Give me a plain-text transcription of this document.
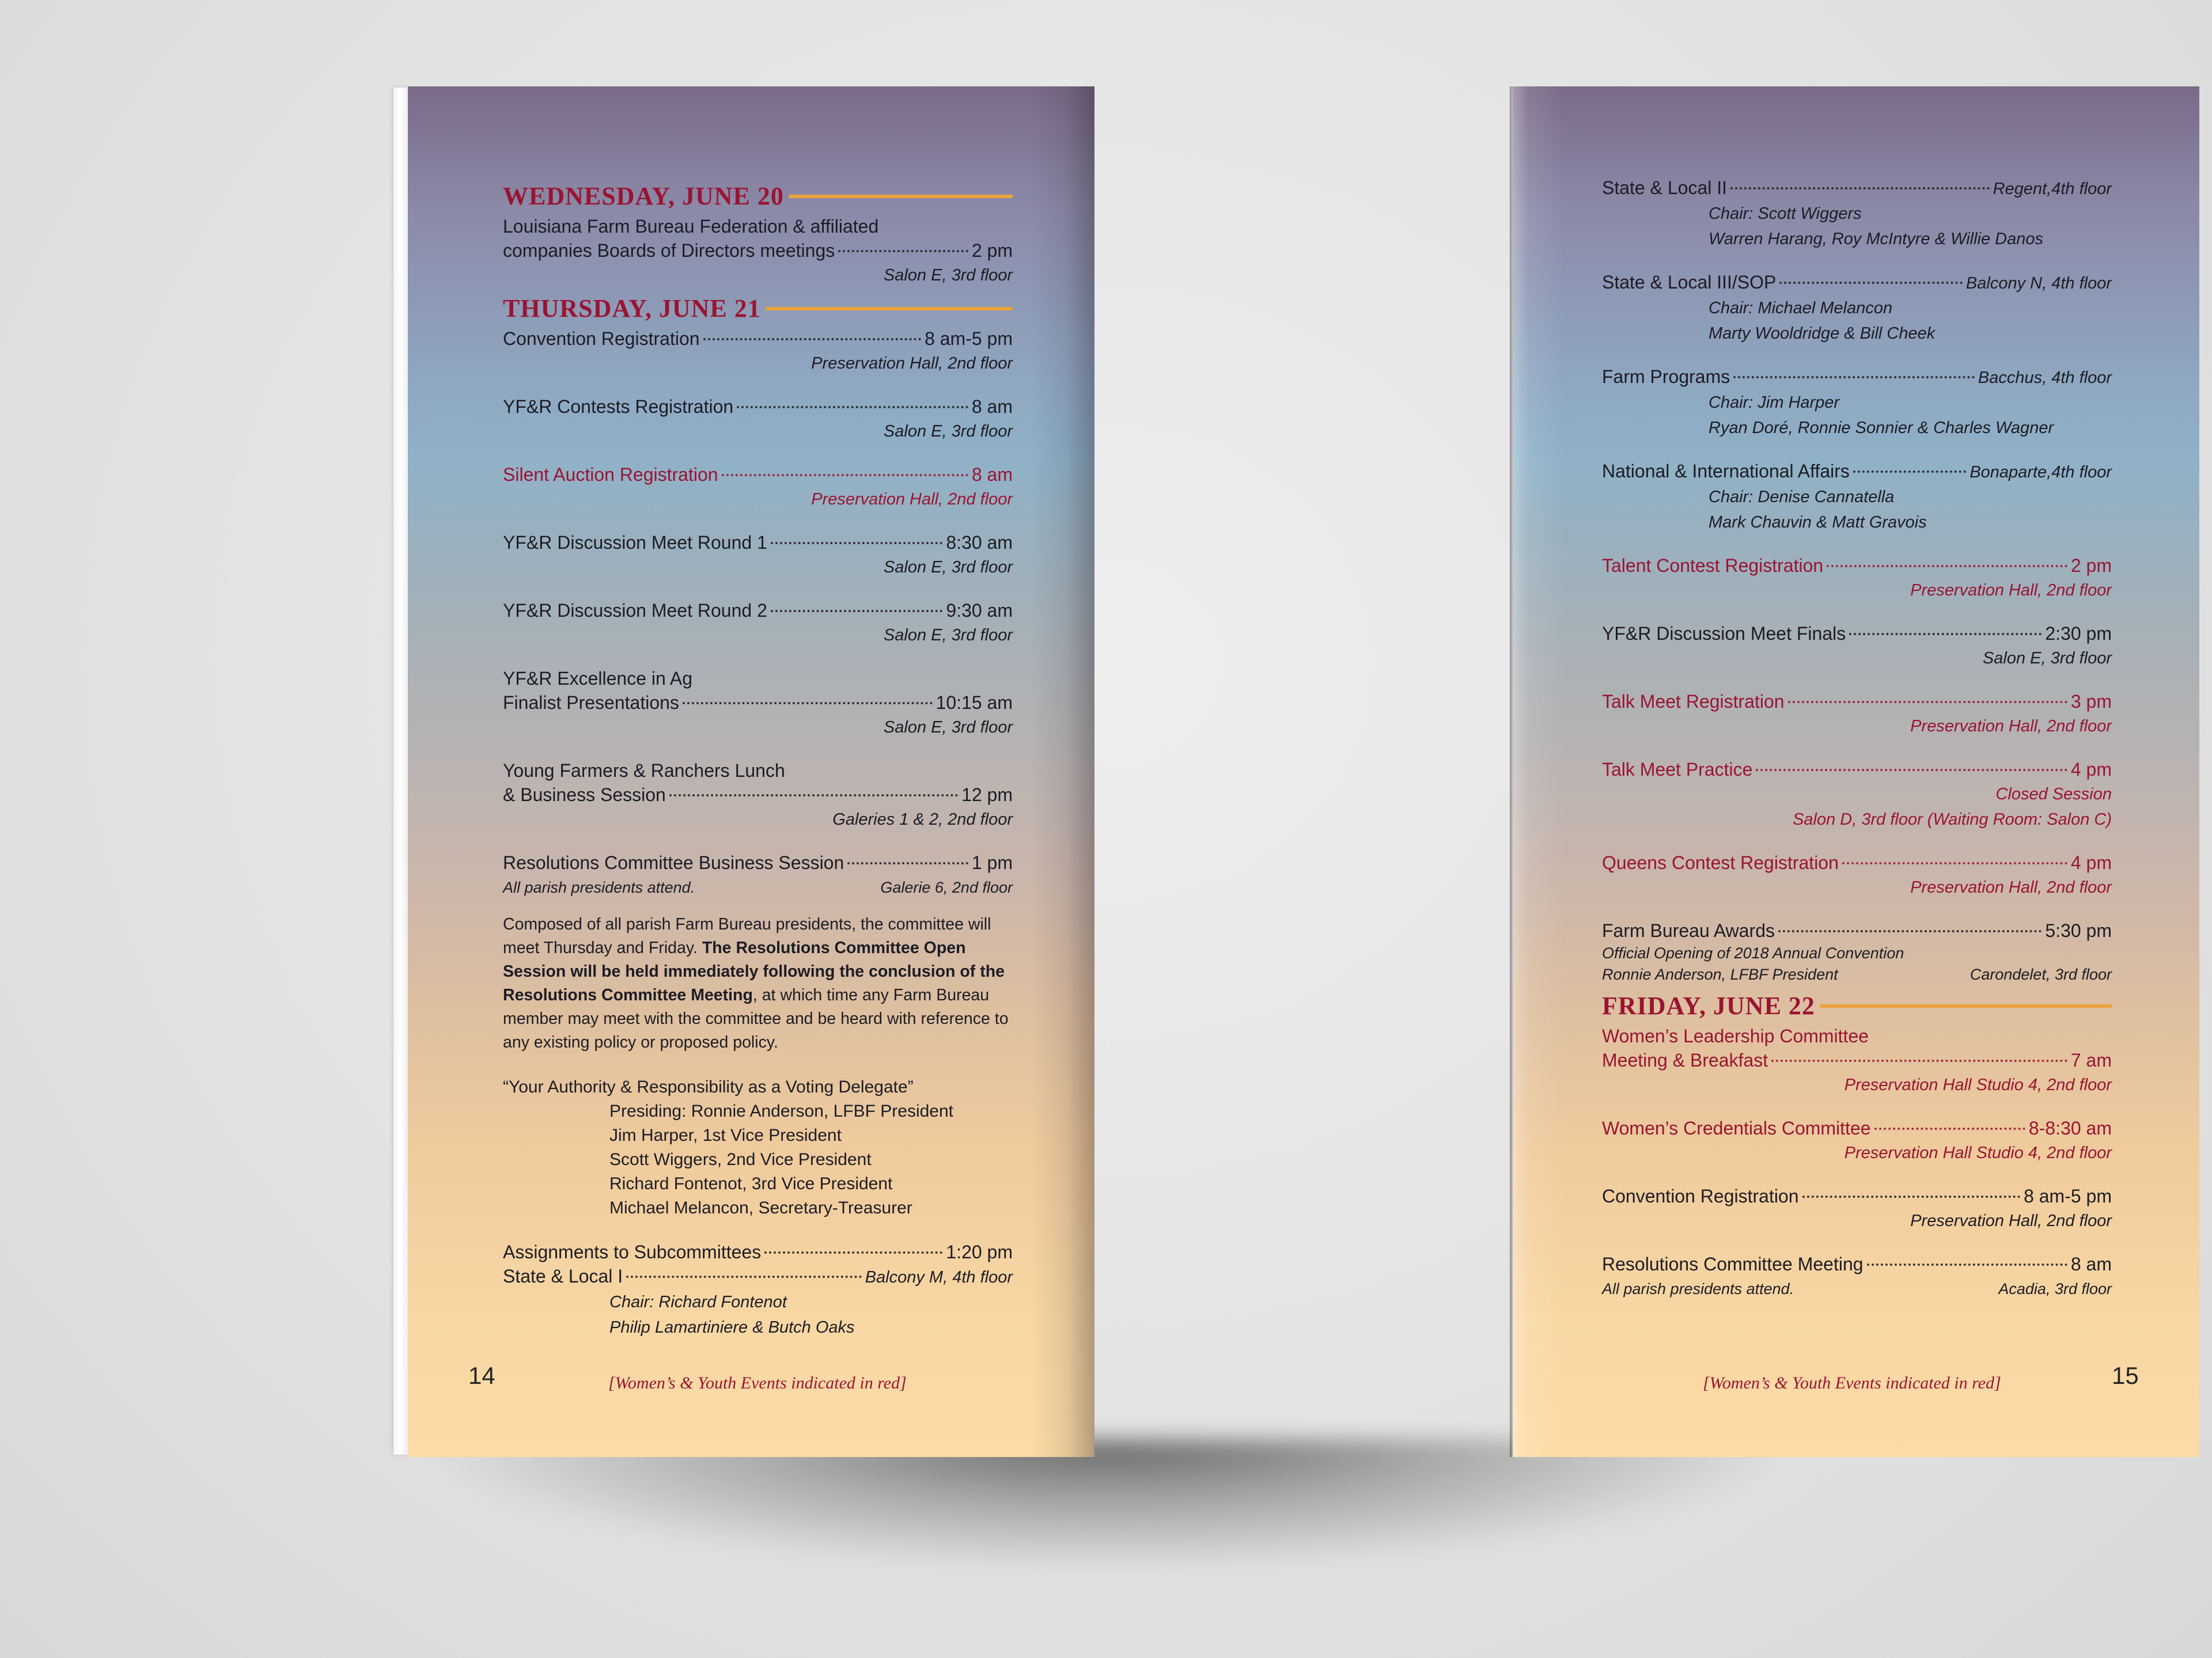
WEDNESDAY, JUNE 20
Louisiana Farm Bureau Federation & affiliated
companies Boards of Directors meetings	2 pm
Salon E, 3rd floor
THURSDAY, JUNE 21
Convention Registration	8 am-5 pm
Preservation Hall, 2nd floor
YF&R Contests Registration	8 am
Salon E, 3rd floor
Silent Auction Registration	8 am
Preservation Hall, 2nd floor
YF&R Discussion Meet Round 1	8:30 am
Salon E, 3rd floor
YF&R Discussion Meet Round 2	9:30 am
Salon E, 3rd floor
YF&R Excellence in Ag
Finalist Presentations	10:15 am
Salon E, 3rd floor
Young Farmers & Ranchers Lunch
& Business Session	12 pm
Galeries 1 & 2, 2nd floor
Resolutions Committee Business Session	1 pm
All parish presidents attend.	Galerie 6, 2nd floor

Composed of all parish Farm Bureau presidents, the committee will meet Thursday and Friday. The Resolutions Committee Open Session will be held immediately following the conclusion of the Resolutions Committee Meeting, at which time any Farm Bureau member may meet with the committee and be heard with reference to any existing policy or proposed policy.

“Your Authority & Responsibility as a Voting Delegate”
Presiding: Ronnie Anderson, LFBF President
Jim Harper, 1st Vice President
Scott Wiggers, 2nd Vice President
Richard Fontenot, 3rd Vice President
Michael Melancon, Secretary-Treasurer
Assignments to Subcommittees	1:20 pm
State & Local I	Balcony M, 4th floor
Chair: Richard Fontenot
Philip Lamartiniere & Butch Oaks
14	[Women’s & Youth Events indicated in red]
State & Local II	Regent,4th floor
Chair: Scott Wiggers
Warren Harang, Roy McIntyre & Willie Danos
State & Local III/SOP	Balcony N, 4th floor
Chair: Michael Melancon
Marty Wooldridge & Bill Cheek
Farm Programs	Bacchus, 4th floor
Chair: Jim Harper
Ryan Doré, Ronnie Sonnier & Charles Wagner
National & International Affairs	Bonaparte,4th floor
Chair: Denise Cannatella
Mark Chauvin & Matt Gravois
Talent Contest Registration	2 pm
Preservation Hall, 2nd floor
YF&R Discussion Meet Finals	2:30 pm
Salon E, 3rd floor
Talk Meet Registration	3 pm
Preservation Hall, 2nd floor
Talk Meet Practice	4 pm
Closed Session
Salon D, 3rd floor (Waiting Room: Salon C)
Queens Contest Registration	4 pm
Preservation Hall, 2nd floor
Farm Bureau Awards	5:30 pm
Official Opening of 2018 Annual Convention
Ronnie Anderson, LFBF President	Carondelet, 3rd floor
FRIDAY, JUNE 22
Women’s Leadership Committee
Meeting & Breakfast	7 am
Preservation Hall Studio 4, 2nd floor
Women’s Credentials Committee	8-8:30 am
Preservation Hall Studio 4, 2nd floor
Convention Registration	8 am-5 pm
Preservation Hall, 2nd floor
Resolutions Committee Meeting	8 am
All parish presidents attend.	Acadia, 3rd floor
15
[Women’s & Youth Events indicated in red]
